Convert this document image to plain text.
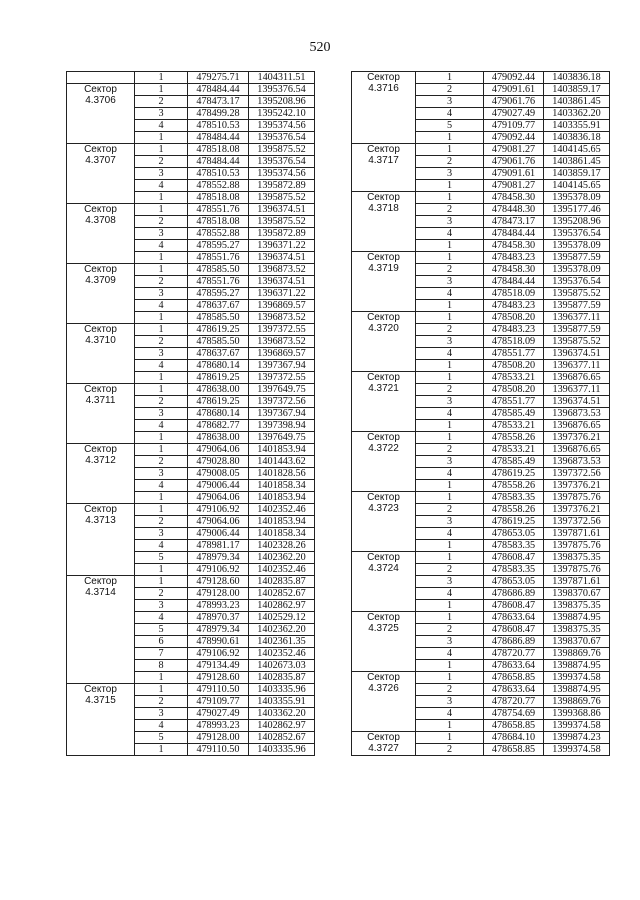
520
	1	479275.71	1404311.51

Сектор
4.3706	1	478484.44	1395376.54
	2	478473.17	1395208.96
	3	478499.28	1395242.10
	4	478510.53	1395374.56
	1	478484.44	1395376.54

Сектор
4.3707	1	478518.08	1395875.52
	2	478484.44	1395376.54
	3	478510.53	1395374.56
	4	478552.88	1395872.89
	1	478518.08	1395875.52

Сектор
4.3708	1	478551.76	1396374.51
	2	478518.08	1395875.52
	3	478552.88	1395872.89
	4	478595.27	1396371.22
	1	478551.76	1396374.51

Сектор
4.3709	1	478585.50	1396873.52
	2	478551.76	1396374.51
	3	478595.27	1396371.22
	4	478637.67	1396869.57
	1	478585.50	1396873.52

Сектор
4.3710	1	478619.25	1397372.55
	2	478585.50	1396873.52
	3	478637.67	1396869.57
	4	478680.14	1397367.94
	1	478619.25	1397372.55

Сектор
4.3711	1	478638.00	1397649.75
	2	478619.25	1397372.56
	3	478680.14	1397367.94
	4	478682.77	1397398.94
	1	478638.00	1397649.75

Сектор
4.3712	1	479064.06	1401853.94
	2	479028.80	1401443.62
	3	479008.05	1401828.56
	4	479006.44	1401858.34
	1	479064.06	1401853.94

Сектор
4.3713	1	479106.92	1402352.46
	2	479064.06	1401853.94
	3	479006.44	1401858.34
	4	478981.17	1402328.26
	5	478979.34	1402362.20
	1	479106.92	1402352.46

Сектор
4.3714	1	479128.60	1402835.87
	2	479128.00	1402852.67
	3	478993.23	1402862.97
	4	478970.37	1402529.12
	5	478979.34	1402362.20
	6	478990.61	1402361.35
	7	479106.92	1402352.46
	8	479134.49	1402673.03
	1	479128.60	1402835.87

Сектор
4.3715	1	479110.50	1403335.96
	2	479109.77	1403355.91
	3	479027.49	1403362.20
	4	478993.23	1402862.97
	5	479128.00	1402852.67
	1	479110.50	1403335.96
Сектор
4.3716	1	479092.44	1403836.18
	2	479091.61	1403859.17
	3	479061.76	1403861.45
	4	479027.49	1403362.20
	5	479109.77	1403355.91
	1	479092.44	1403836.18

Сектор
4.3717	1	479081.27	1404145.65
	2	479061.76	1403861.45
	3	479091.61	1403859.17
	1	479081.27	1404145.65

Сектор
4.3718	1	478458.30	1395378.09
	2	478448.30	1395177.46
	3	478473.17	1395208.96
	4	478484.44	1395376.54
	1	478458.30	1395378.09

Сектор
4.3719	1	478483.23	1395877.59
	2	478458.30	1395378.09
	3	478484.44	1395376.54
	4	478518.09	1395875.52
	1	478483.23	1395877.59

Сектор
4.3720	1	478508.20	1396377.11
	2	478483.23	1395877.59
	3	478518.09	1395875.52
	4	478551.77	1396374.51
	1	478508.20	1396377.11

Сектор
4.3721	1	478533.21	1396876.65
	2	478508.20	1396377.11
	3	478551.77	1396374.51
	4	478585.49	1396873.53
	1	478533.21	1396876.65

Сектор
4.3722	1	478558.26	1397376.21
	2	478533.21	1396876.65
	3	478585.49	1396873.53
	4	478619.25	1397372.56
	1	478558.26	1397376.21

Сектор
4.3723	1	478583.35	1397875.76
	2	478558.26	1397376.21
	3	478619.25	1397372.56
	4	478653.05	1397871.61
	1	478583.35	1397875.76

Сектор
4.3724	1	478608.47	1398375.35
	2	478583.35	1397875.76
	3	478653.05	1397871.61
	4	478686.89	1398370.67
	1	478608.47	1398375.35

Сектор
4.3725	1	478633.64	1398874.95
	2	478608.47	1398375.35
	3	478686.89	1398370.67
	4	478720.77	1398869.76
	1	478633.64	1398874.95

Сектор
4.3726	1	478658.85	1399374.58
	2	478633.64	1398874.95
	3	478720.77	1398869.76
	4	478754.69	1399368.86
	1	478658.85	1399374.58

Сектор
4.3727	1	478684.10	1399874.23
	2	478658.85	1399374.58
